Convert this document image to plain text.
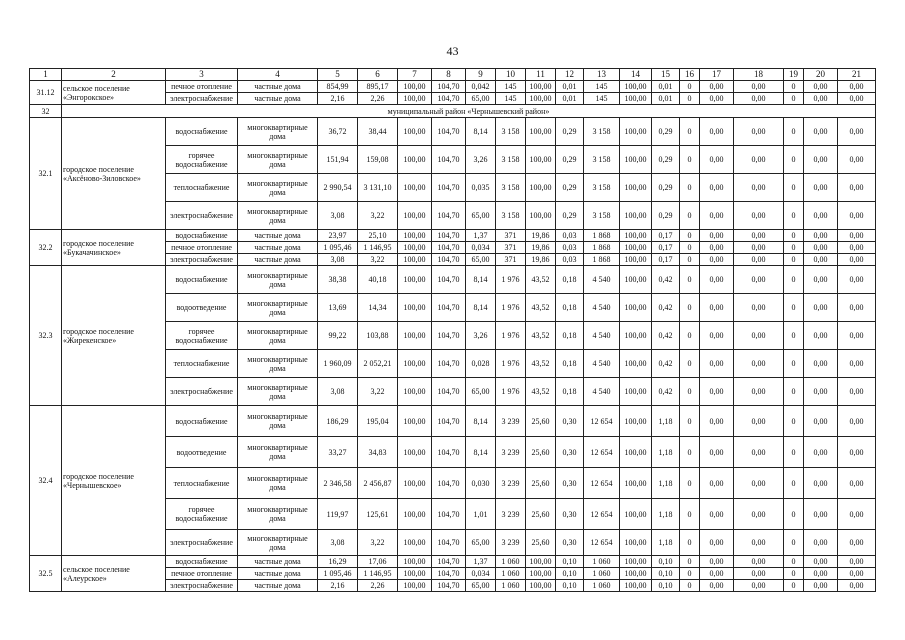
43
1	2	3	4	5	6	7	8	9	10	11	12	13	14	15	16	17	18	19	20	21
31.12	сельское поселение «Энгорокское»	печное отопление	частные дома	854,99	895,17	100,00	104,70	0,042	145	100,00	0,01	145	100,00	0,01	0	0,00	0,00	0	0,00	0,00
		электроснабжение	частные дома	2,16	2,26	100,00	104,70	65,00	145	100,00	0,01	145	100,00	0,01	0	0,00	0,00	0	0,00	0,00
32	муниципальный район «Чернышевский район»																			
32.1	городское поселение «Аксёново-Зиловское»	водоснабжение	многоквартирные дома	36,72	38,44	100,00	104,70	8,14	3 158	100,00	0,29	3 158	100,00	0,29	0	0,00	0,00	0	0,00	0,00
		горячее водоснабжение	многоквартирные дома	151,94	159,08	100,00	104,70	3,26	3 158	100,00	0,29	3 158	100,00	0,29	0	0,00	0,00	0	0,00	0,00
		теплоснабжение	многоквартирные дома	2 990,54	3 131,10	100,00	104,70	0,035	3 158	100,00	0,29	3 158	100,00	0,29	0	0,00	0,00	0	0,00	0,00
		электроснабжение	многоквартирные дома	3,08	3,22	100,00	104,70	65,00	3 158	100,00	0,29	3 158	100,00	0,29	0	0,00	0,00	0	0,00	0,00
32.2	городское поселение «Букачачинское»	водоснабжение	частные дома	23,97	25,10	100,00	104,70	1,37	371	19,86	0,03	1 868	100,00	0,17	0	0,00	0,00	0	0,00	0,00
		печное отопление	частные дома	1 095,46	1 146,95	100,00	104,70	0,034	371	19,86	0,03	1 868	100,00	0,17	0	0,00	0,00	0	0,00	0,00
		электроснабжение	частные дома	3,08	3,22	100,00	104,70	65,00	371	19,86	0,03	1 868	100,00	0,17	0	0,00	0,00	0	0,00	0,00
32.3	городское поселение «Жирекенское»	водоснабжение	многоквартирные дома	38,38	40,18	100,00	104,70	8,14	1 976	43,52	0,18	4 540	100,00	0,42	0	0,00	0,00	0	0,00	0,00
		водоотведение	многоквартирные дома	13,69	14,34	100,00	104,70	8,14	1 976	43,52	0,18	4 540	100,00	0,42	0	0,00	0,00	0	0,00	0,00
		горячее водоснабжение	многоквартирные дома	99,22	103,88	100,00	104,70	3,26	1 976	43,52	0,18	4 540	100,00	0,42	0	0,00	0,00	0	0,00	0,00
		теплоснабжение	многоквартирные дома	1 960,09	2 052,21	100,00	104,70	0,028	1 976	43,52	0,18	4 540	100,00	0,42	0	0,00	0,00	0	0,00	0,00
		электроснабжение	многоквартирные дома	3,08	3,22	100,00	104,70	65,00	1 976	43,52	0,18	4 540	100,00	0,42	0	0,00	0,00	0	0,00	0,00
32.4	городское поселение «Чернышевское»	водоснабжение	многоквартирные дома	186,29	195,04	100,00	104,70	8,14	3 239	25,60	0,30	12 654	100,00	1,18	0	0,00	0,00	0	0,00	0,00
		водоотведение	многоквартирные дома	33,27	34,83	100,00	104,70	8,14	3 239	25,60	0,30	12 654	100,00	1,18	0	0,00	0,00	0	0,00	0,00
		теплоснабжение	многоквартирные дома	2 346,58	2 456,87	100,00	104,70	0,030	3 239	25,60	0,30	12 654	100,00	1,18	0	0,00	0,00	0	0,00	0,00
		горячее водоснабжение	многоквартирные дома	119,97	125,61	100,00	104,70	1,01	3 239	25,60	0,30	12 654	100,00	1,18	0	0,00	0,00	0	0,00	0,00
		электроснабжение	многоквартирные дома	3,08	3,22	100,00	104,70	65,00	3 239	25,60	0,30	12 654	100,00	1,18	0	0,00	0,00	0	0,00	0,00
32.5	сельское поселение «Алеурское»	водоснабжение	частные дома	16,29	17,06	100,00	104,70	1,37	1 060	100,00	0,10	1 060	100,00	0,10	0	0,00	0,00	0	0,00	0,00
		печное отопление	частные дома	1 095,46	1 146,95	100,00	104,70	0,034	1 060	100,00	0,10	1 060	100,00	0,10	0	0,00	0,00	0	0,00	0,00
		электроснабжение	частные дома	2,16	2,26	100,00	104,70	65,00	1 060	100,00	0,10	1 060	100,00	0,10	0	0,00	0,00	0	0,00	0,00
